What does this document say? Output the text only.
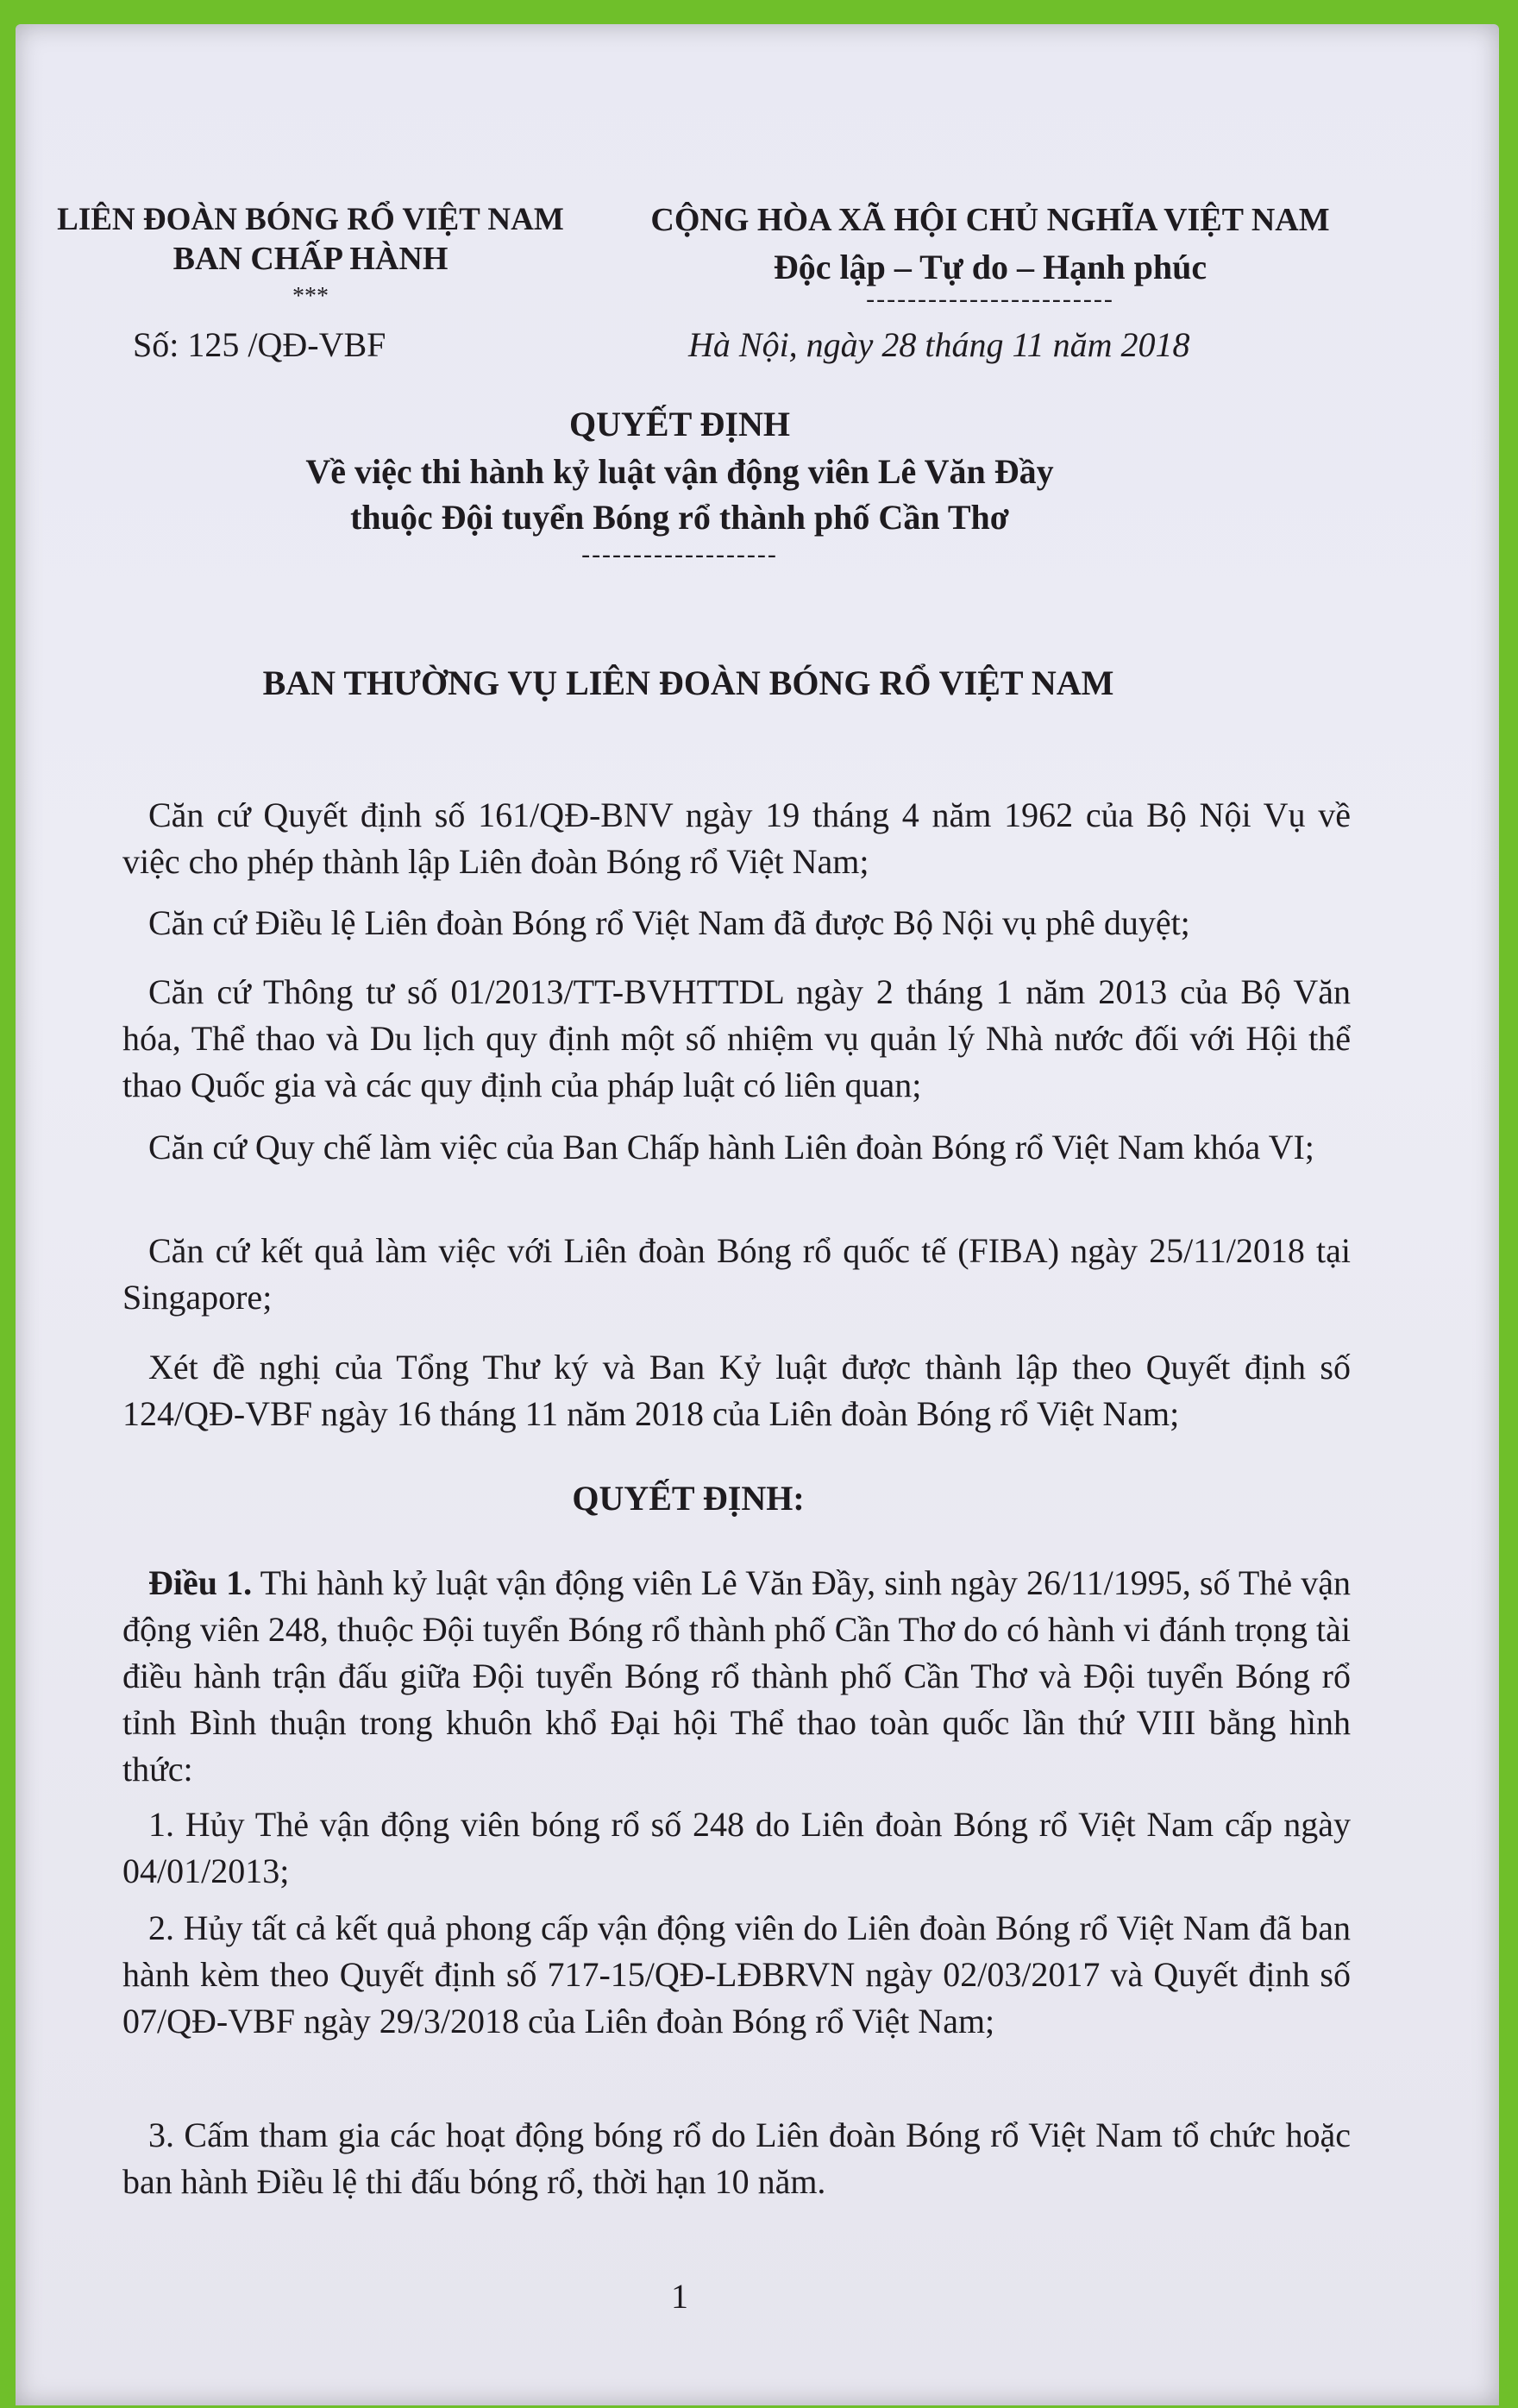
LIÊN ĐOÀN BÓNG RỔ VIỆT NAM
BAN CHẤP HÀNH
***
Số: 125 /QĐ-VBF
CỘNG HÒA XÃ HỘI CHỦ NGHĨA VIỆT NAM
Độc lập – Tự do – Hạnh phúc
------------------------
Hà Nội, ngày 28 tháng 11 năm 2018
QUYẾT ĐỊNH
Về việc thi hành kỷ luật vận động viên Lê Văn Đầy
thuộc Đội tuyển Bóng rổ thành phố Cần Thơ
-------------------
BAN THƯỜNG VỤ LIÊN ĐOÀN BÓNG RỔ VIỆT NAM
Căn cứ Quyết định số 161/QĐ-BNV ngày 19 tháng 4 năm 1962 của Bộ Nội Vụ về việc cho phép thành lập Liên đoàn Bóng rổ Việt Nam;
Căn cứ Điều lệ Liên đoàn Bóng rổ Việt Nam đã được Bộ Nội vụ phê duyệt;
Căn cứ Thông tư số 01/2013/TT-BVHTTDL ngày 2 tháng 1 năm 2013 của Bộ Văn hóa, Thể thao và Du lịch quy định một số nhiệm vụ quản lý Nhà nước đối với Hội thể thao Quốc gia và các quy định của pháp luật có liên quan;
Căn cứ Quy chế làm việc của Ban Chấp hành Liên đoàn Bóng rổ Việt Nam khóa VI;
Căn cứ kết quả làm việc với Liên đoàn Bóng rổ quốc tế (FIBA) ngày 25/11/2018 tại Singapore;
Xét đề nghị của Tổng Thư ký và Ban Kỷ luật được thành lập theo Quyết định số 124/QĐ-VBF ngày 16 tháng 11 năm 2018 của Liên đoàn Bóng rổ Việt Nam;
QUYẾT ĐỊNH:
Điều 1. Thi hành kỷ luật vận động viên Lê Văn Đầy, sinh ngày 26/11/1995, số Thẻ vận động viên 248, thuộc Đội tuyển Bóng rổ thành phố Cần Thơ do có hành vi đánh trọng tài điều hành trận đấu giữa Đội tuyển Bóng rổ thành phố Cần Thơ và Đội tuyển Bóng rổ tỉnh Bình thuận trong khuôn khổ Đại hội Thể thao toàn quốc lần thứ VIII bằng hình thức:
1. Hủy Thẻ vận động viên bóng rổ số 248 do Liên đoàn Bóng rổ Việt Nam cấp ngày 04/01/2013;
2. Hủy tất cả kết quả phong cấp vận động viên do Liên đoàn Bóng rổ Việt Nam đã ban hành kèm theo Quyết định số 717-15/QĐ-LĐBRVN ngày 02/03/2017 và Quyết định số 07/QĐ-VBF ngày 29/3/2018 của Liên đoàn Bóng rổ Việt Nam;
3. Cấm tham gia các hoạt động bóng rổ do Liên đoàn Bóng rổ Việt Nam tổ chức hoặc ban hành Điều lệ thi đấu bóng rổ, thời hạn 10 năm.
1
